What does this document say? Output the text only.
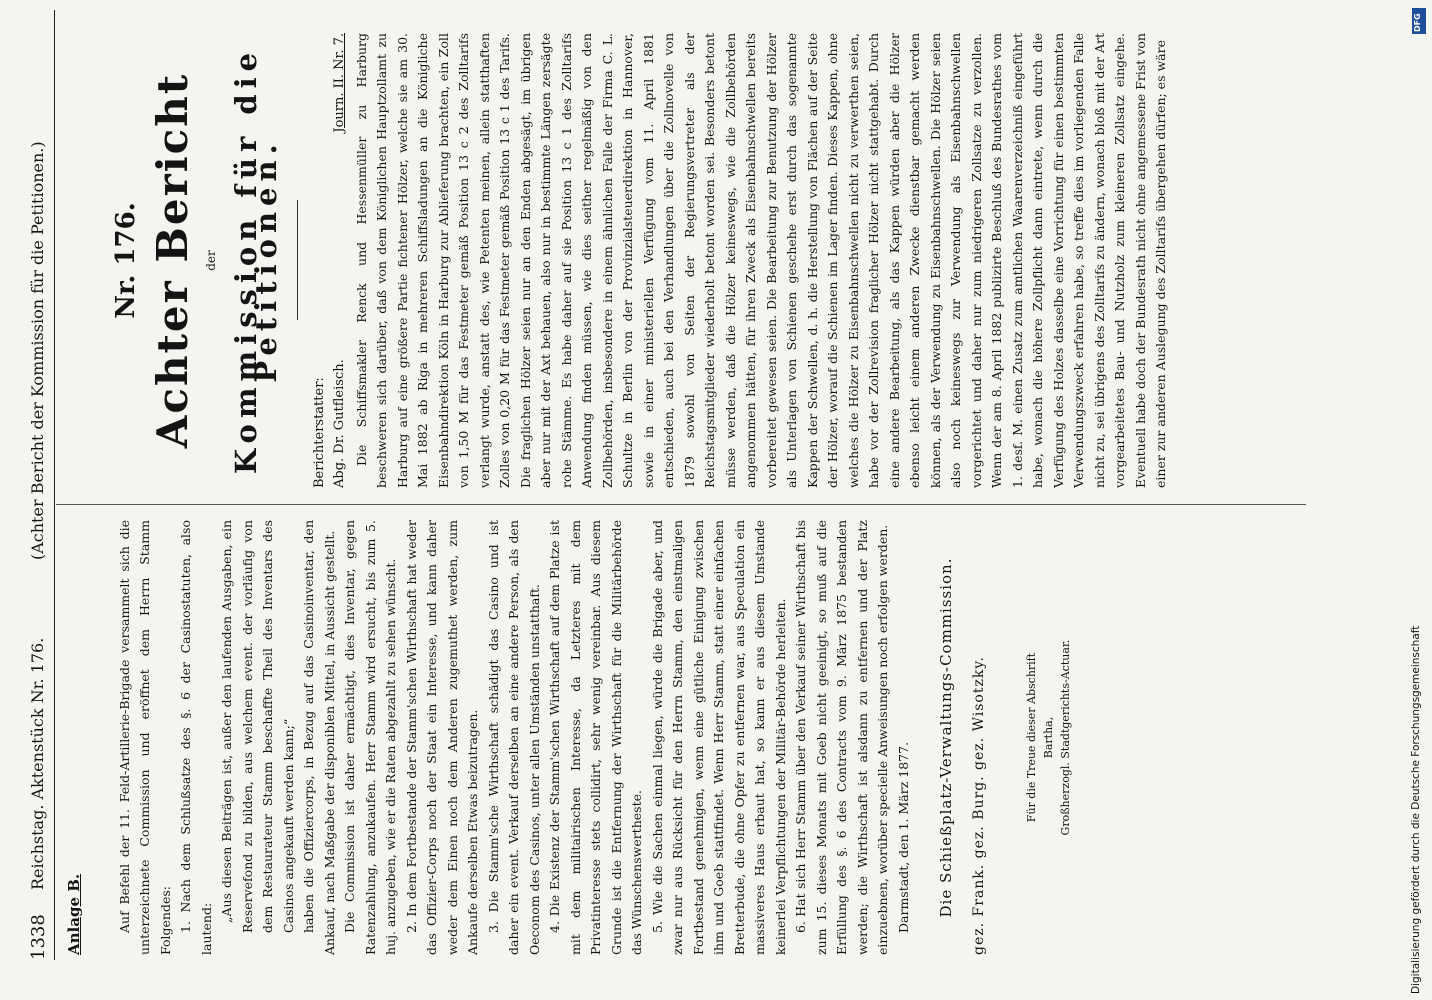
1338
Reichstag. Aktenstück Nr. 176.
(Achter Bericht der Kommission für die Petitionen.)
Anlage B.	Auf Befehl der 11. Feld-Artillerie-Brigade versammelt sich die unterzeichnete Commission und eröffnet dem Herrn Stamm Folgendes: 1. Nach dem Schlußsatze des §. 6 der Casinostatuten, also lautend:

„Aus diesen Beiträgen ist, außer den laufenden Ausgaben, ein Reservefond zu bilden, aus welchem event. der vorläufig von dem Restaurateur Stamm beschaffte Theil des Inventars des Casinos angekauft werden kann;“ haben die Offiziercorps, in Bezug auf das Casinoinventar, den Ankauf, nach Maßgabe der disponiblen Mittel, in Aussicht gestellt. Die Commission ist daher ermächtigt, dies Inventar, gegen Ratenzahlung, anzukaufen. Herr Stamm wird ersucht, bis zum 5. huj. anzugeben, wie er die Raten abgezahlt zu sehen wünscht. 2. In dem Fortbestande der Stamm'schen Wirthschaft hat weder das Offizier-Corps noch der Staat ein Interesse, und kann daher weder dem Einen noch dem Anderen zugemuthet werden, zum Ankaufe derselben Etwas beizutragen. 3. Die Stamm'sche Wirthschaft schädigt das Casino und ist daher ein event. Verkauf derselben an eine andere Person, als den Oeconom des Casinos, unter allen Umständen unstatthaft. 4. Die Existenz der Stamm'schen Wirthschaft auf dem Platze ist mit dem militairischen Interesse, da Letzteres mit dem Privatinteresse stets collidirt, sehr wenig vereinbar. Aus diesem Grunde ist die Entfernung der Wirthschaft für die Militärbehörde das Wünschenswertheste. 5. Wie die Sachen einmal liegen, würde die Brigade aber, und zwar nur aus Rücksicht für den Herrn Stamm, den einstmaligen Fortbestand genehmigen, wenn eine gütliche Einigung zwischen ihm und Goeb stattfindet. Wenn Herr Stamm, statt einer einfachen Bretterbude, die ohne Opfer zu entfernen war, aus Speculation ein massiveres Haus erbaut hat, so kann er aus diesem Umstande keinerlei Verpflichtungen der Militär-Behörde herleiten. 6. Hat sich Herr Stamm über den Verkauf seiner Wirthschaft bis zum 15. dieses Monats mit Goeb nicht geeinigt, so muß auf die Erfüllung des §. 6 des Contracts vom 9. März 1875 bestanden werden; die Wirthschaft ist alsdann zu entfernen und der Platz einzuebnen, worüber specielle Anweisungen noch erfolgen werden. Darmstadt, den 1. März 1877. Die Schießplatz-Verwaltungs-Commission. gez. Frank. gez. Burg. gez. Wisotzky.	Für die Treue dieser Abschrift Bartha, Großherzogl. Stadtgerichts-Actuar.
Nr. 176. Achter Bericht der Kommission für die Petitionen.
Berichterstatter: Abg. Dr. Gutfleisch.
Journ. II. Nr. 7. Die Schiffsmakler Renck und Hessenmüller zu Harburg beschweren sich darüber, daß von dem Königlichen Hauptzollamt zu Harburg auf eine größere Partie fichtener Hölzer, welche sie am 30. Mai 1882 ab Riga in mehreren Schiffsladungen an die Königliche Eisenbahndirektion Köln in Harburg zur Ablieferung brachten, ein Zoll von 1,50 M für das Festmeter gemäß Position 13 c 2 des Zolltarifs verlangt wurde, anstatt des, wie Petenten meinen, allein statthaften Zolles von 0,20 M für das Festmeter gemäß Position 13 c 1 des Tarifs. Die fraglichen Hölzer seien nur an den Enden abgesägt, im übrigen aber nur mit der Axt behauen, also nur in bestimmte Längen zersägte rohe Stämme. Es habe daher auf sie Position 13 c 1 des Zolltarifs Anwendung finden müssen, wie dies seither regelmäßig von den Zollbehörden, insbesondere in einem ähnlichen Falle der Firma C. L. Schultze in Berlin von der Provinzialsteuerdirektion in Hannover, sowie in einer ministeriellen Verfügung vom 11. April 1881 entschieden, auch bei den Verhandlungen über die Zollnovelle von 1879 sowohl von Seiten der Regierungsvertreter als der Reichstagsmitglieder wiederholt betont worden sei. Besonders betont müsse werden, daß die Hölzer keineswegs, wie die Zollbehörden angenommen hätten, für ihren Zweck als Eisenbahnschwellen bereits vorbereitet gewesen seien. Die Bearbeitung zur Benutzung der Hölzer als Unterlagen von Schienen geschehe erst durch das sogenannte Kappen der Schwellen, d. h. die Herstellung von Flächen auf der Seite der Hölzer, worauf die Schienen im Lager finden. Dieses Kappen, ohne welches die Hölzer zu Eisenbahnschwellen nicht zu verwerthen seien, habe vor der Zollrevision fraglicher Hölzer nicht stattgehabt. Durch eine andere Bearbeitung, als das Kappen würden aber die Hölzer ebenso leicht einem anderen Zwecke dienstbar gemacht werden können, als der Verwendung zu Eisenbahnschwellen. Die Hölzer seien also noch keineswegs zur Verwendung als Eisenbahnschwellen vorgerichtet und daher nur zum niedrigeren Zollsatze zu verzollen. Wenn der am 8. April 1882 publizirte Beschluß des Bundesrathes vom 1. desf. M. einen Zusatz zum amtlichen Waarenverzeichniß eingeführt habe, wonach die höhere Zollpflicht dann eintrete, wenn durch die Verfügung des Holzes dasselbe eine Vorrichtung für einen bestimmten Verwendungszweck erfahren habe, so treffe dies im vorliegenden Falle nicht zu, sei übrigens des Zolltarifs zu ändern, wonach bloß mit der Art vorgearbeitetes Bau- und Nutzholz zum kleineren Zollsatz eingehe. Eventuell habe doch der Bundesrath nicht ohne angemessene Frist von einer zur anderen Auslegung des Zolltarifs übergehen dürfen; es wäre

DFG
Digitalisierung gefördert durch die Deutsche Forschungsgemeinschaft
